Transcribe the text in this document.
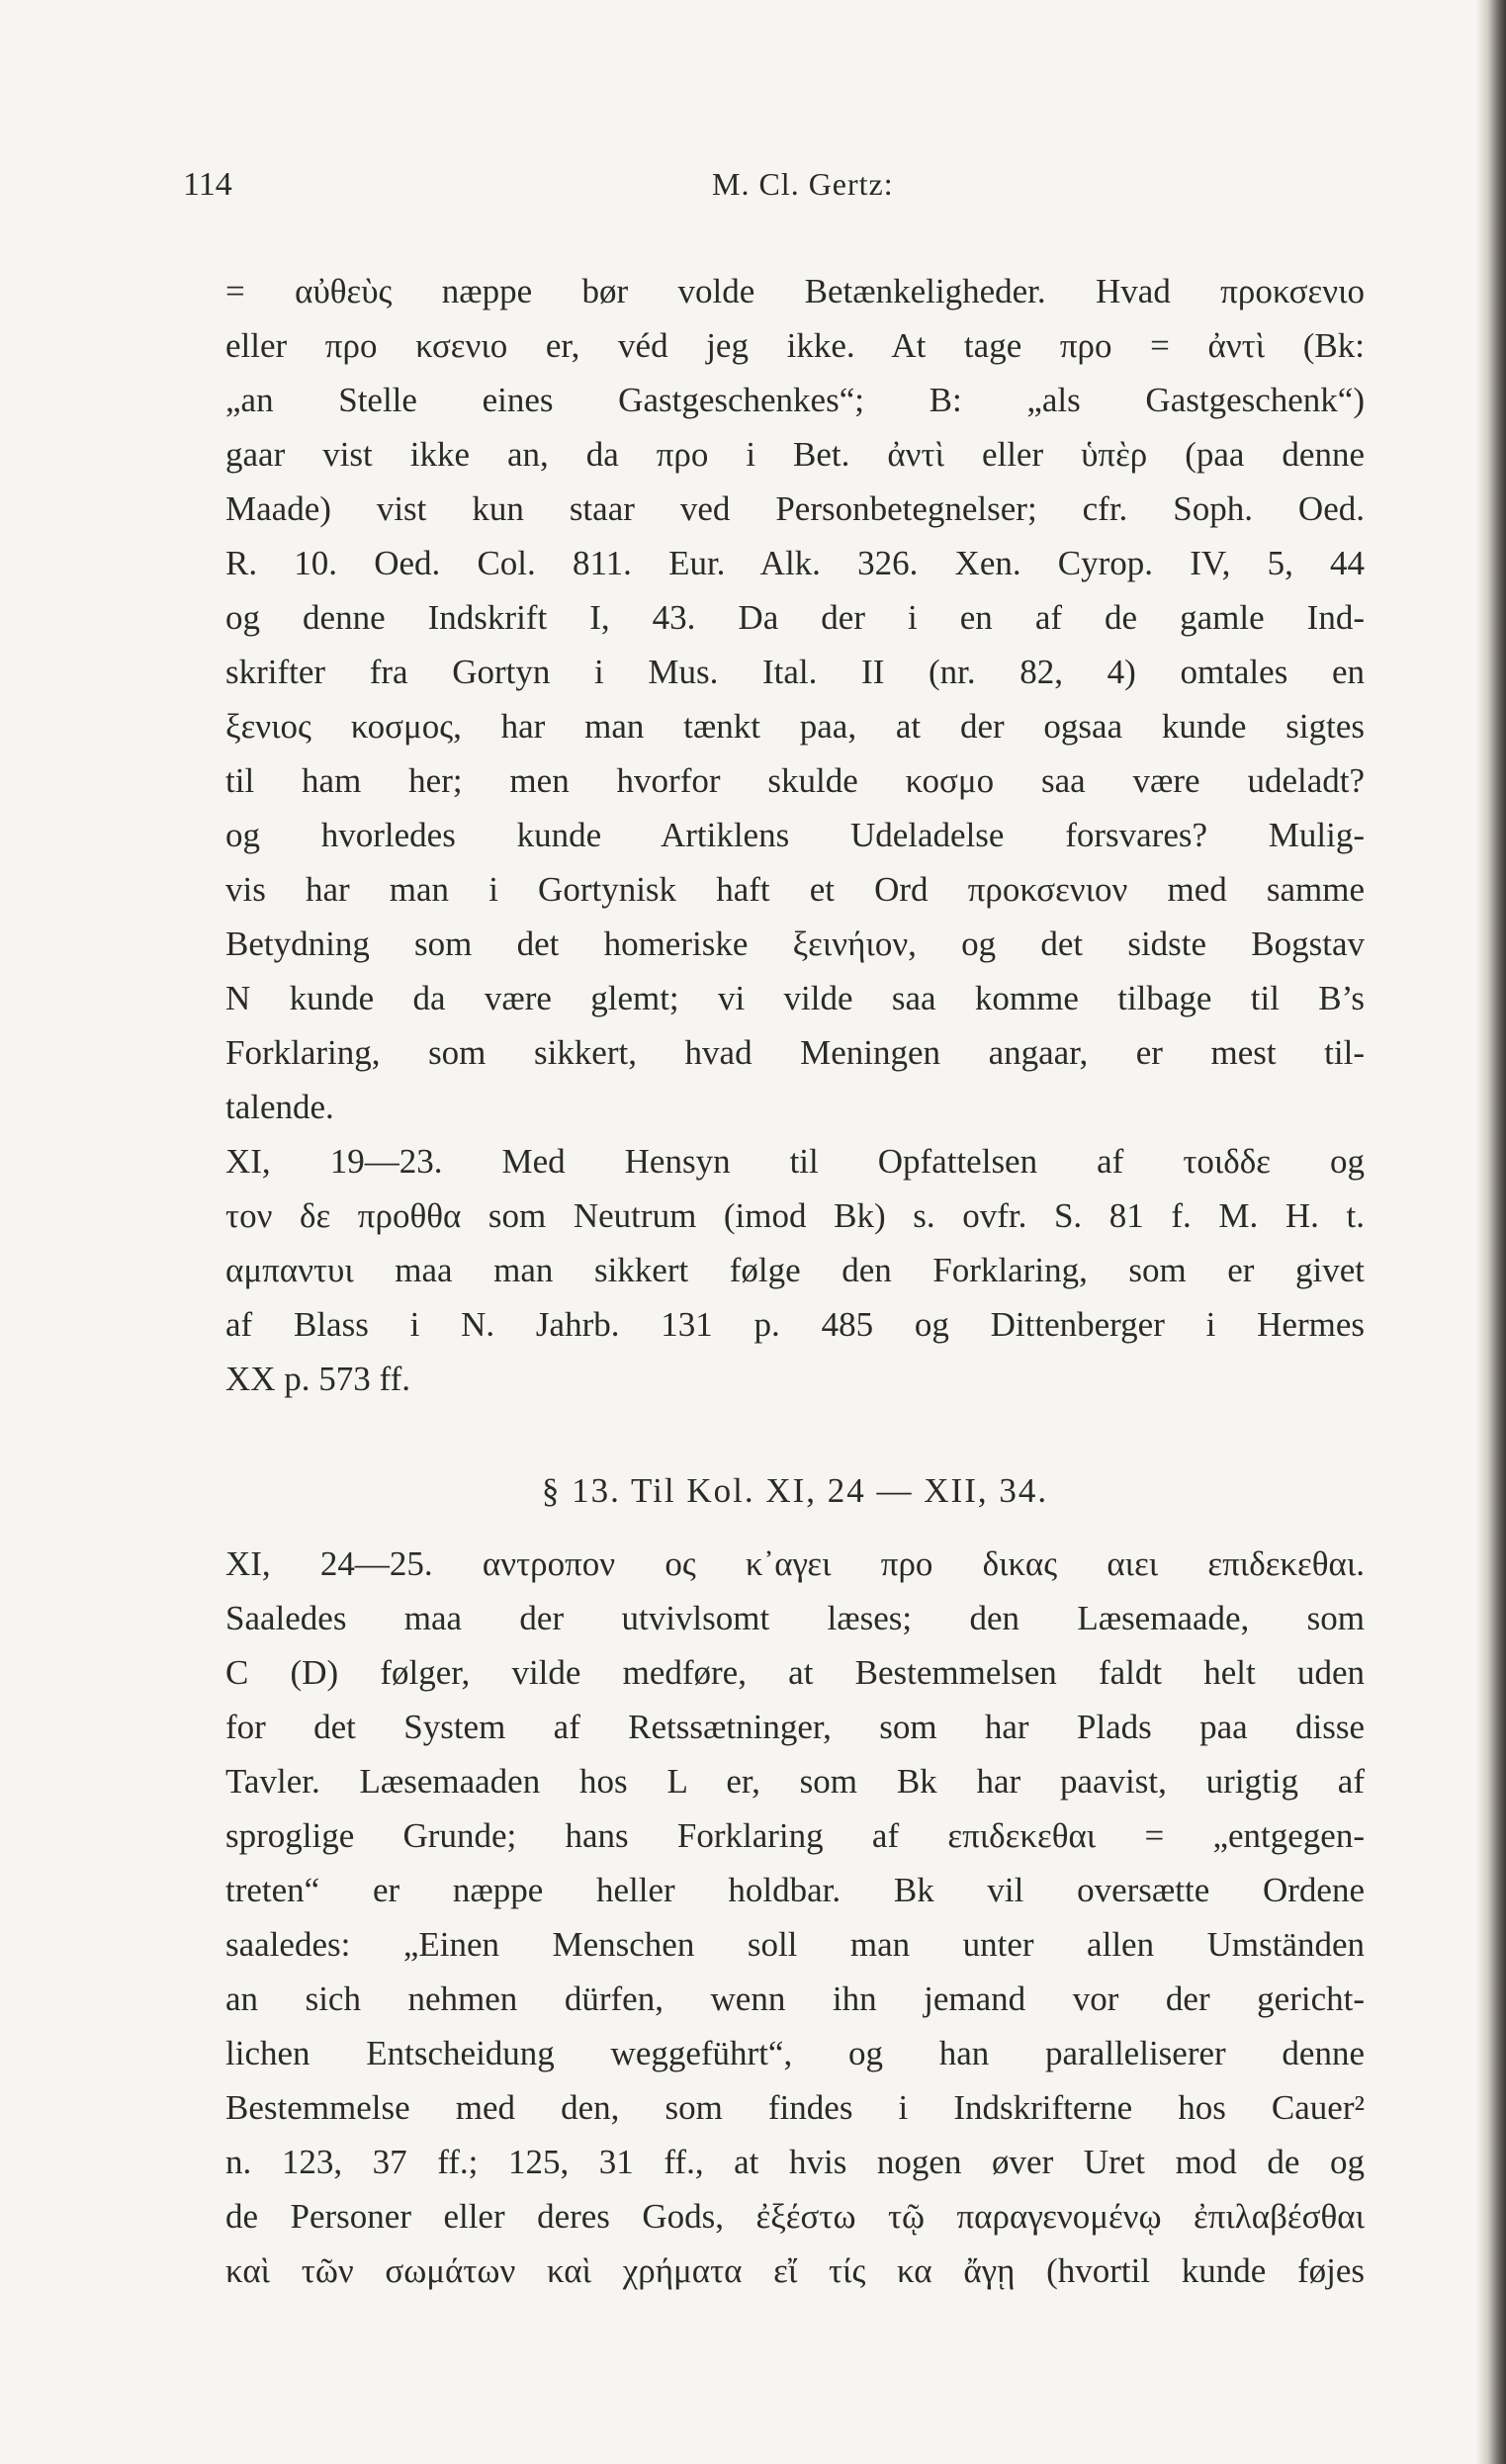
114	M. Cl. Gertz:
= αὐθεὺς næppe bør volde Betænkeligheder. Hvad προκσενιο
eller προ κσενιο er, véd jeg ikke. At tage προ = ἀντὶ (Bk:
„an Stelle eines Gastgeschenkes“; B: „als Gastgeschenk“)
gaar vist ikke an, da προ i Bet. ἀντὶ eller ὑπὲρ (paa denne
Maade) vist kun staar ved Personbetegnelser; cfr. Soph. Oed.
R. 10. Oed. Col. 811. Eur. Alk. 326. Xen. Cyrop. IV, 5, 44
og denne Indskrift I, 43. Da der i en af de gamle Ind-
skrifter fra Gortyn i Mus. Ital. II (nr. 82, 4) omtales en
ξενιος κοσμος, har man tænkt paa, at der ogsaa kunde sigtes
til ham her; men hvorfor skulde κοσμο saa være udeladt?
og hvorledes kunde Artiklens Udeladelse forsvares? Mulig-
vis har man i Gortynisk haft et Ord προκσενιον med samme
Betydning som det homeriske ξεινήιον, og det sidste Bogstav
Ν kunde da være glemt; vi vilde saa komme tilbage til B’s
Forklaring, som sikkert, hvad Meningen angaar, er mest til-
talende.
XI, 19—23. Med Hensyn til Opfattelsen af τοιδδε og
τον δε προθθα som Neutrum (imod Bk) s. ovfr. S. 81 f. M. H. t.
αμπαντυι maa man sikkert følge den Forklaring, som er givet
af Blass i N. Jahrb. 131 p. 485 og Dittenberger i Hermes
XX p. 573 ff.
§ 13. Til Kol. XI, 24 — XII, 34.
XI, 24—25. αντροπον ος κ᾽αγει προ δικας αιει επιδεκεθαι.
Saaledes maa der utvivlsomt læses; den Læsemaade, som
C (D) følger, vilde medføre, at Bestemmelsen faldt helt uden
for det System af Retssætninger, som har Plads paa disse
Tavler. Læsemaaden hos L er, som Bk har paavist, urigtig af
sproglige Grunde; hans Forklaring af επιδεκεθαι = „entgegen-
treten“ er næppe heller holdbar. Bk vil oversætte Ordene
saaledes: „Einen Menschen soll man unter allen Umständen
an sich nehmen dürfen, wenn ihn jemand vor der gericht-
lichen Entscheidung weggeführt“, og han paralleliserer denne
Bestemmelse med den, som findes i Indskrifterne hos Cauer²
n. 123, 37 ff.; 125, 31 ff., at hvis nogen øver Uret mod de og
de Personer eller deres Gods, ἐξέστω τῷ παραγενομένῳ ἐπιλαβέσθαι
καὶ τῶν σωμάτων καὶ χρήματα εἴ τίς κα ἄγῃ (hvortil kunde føjes
